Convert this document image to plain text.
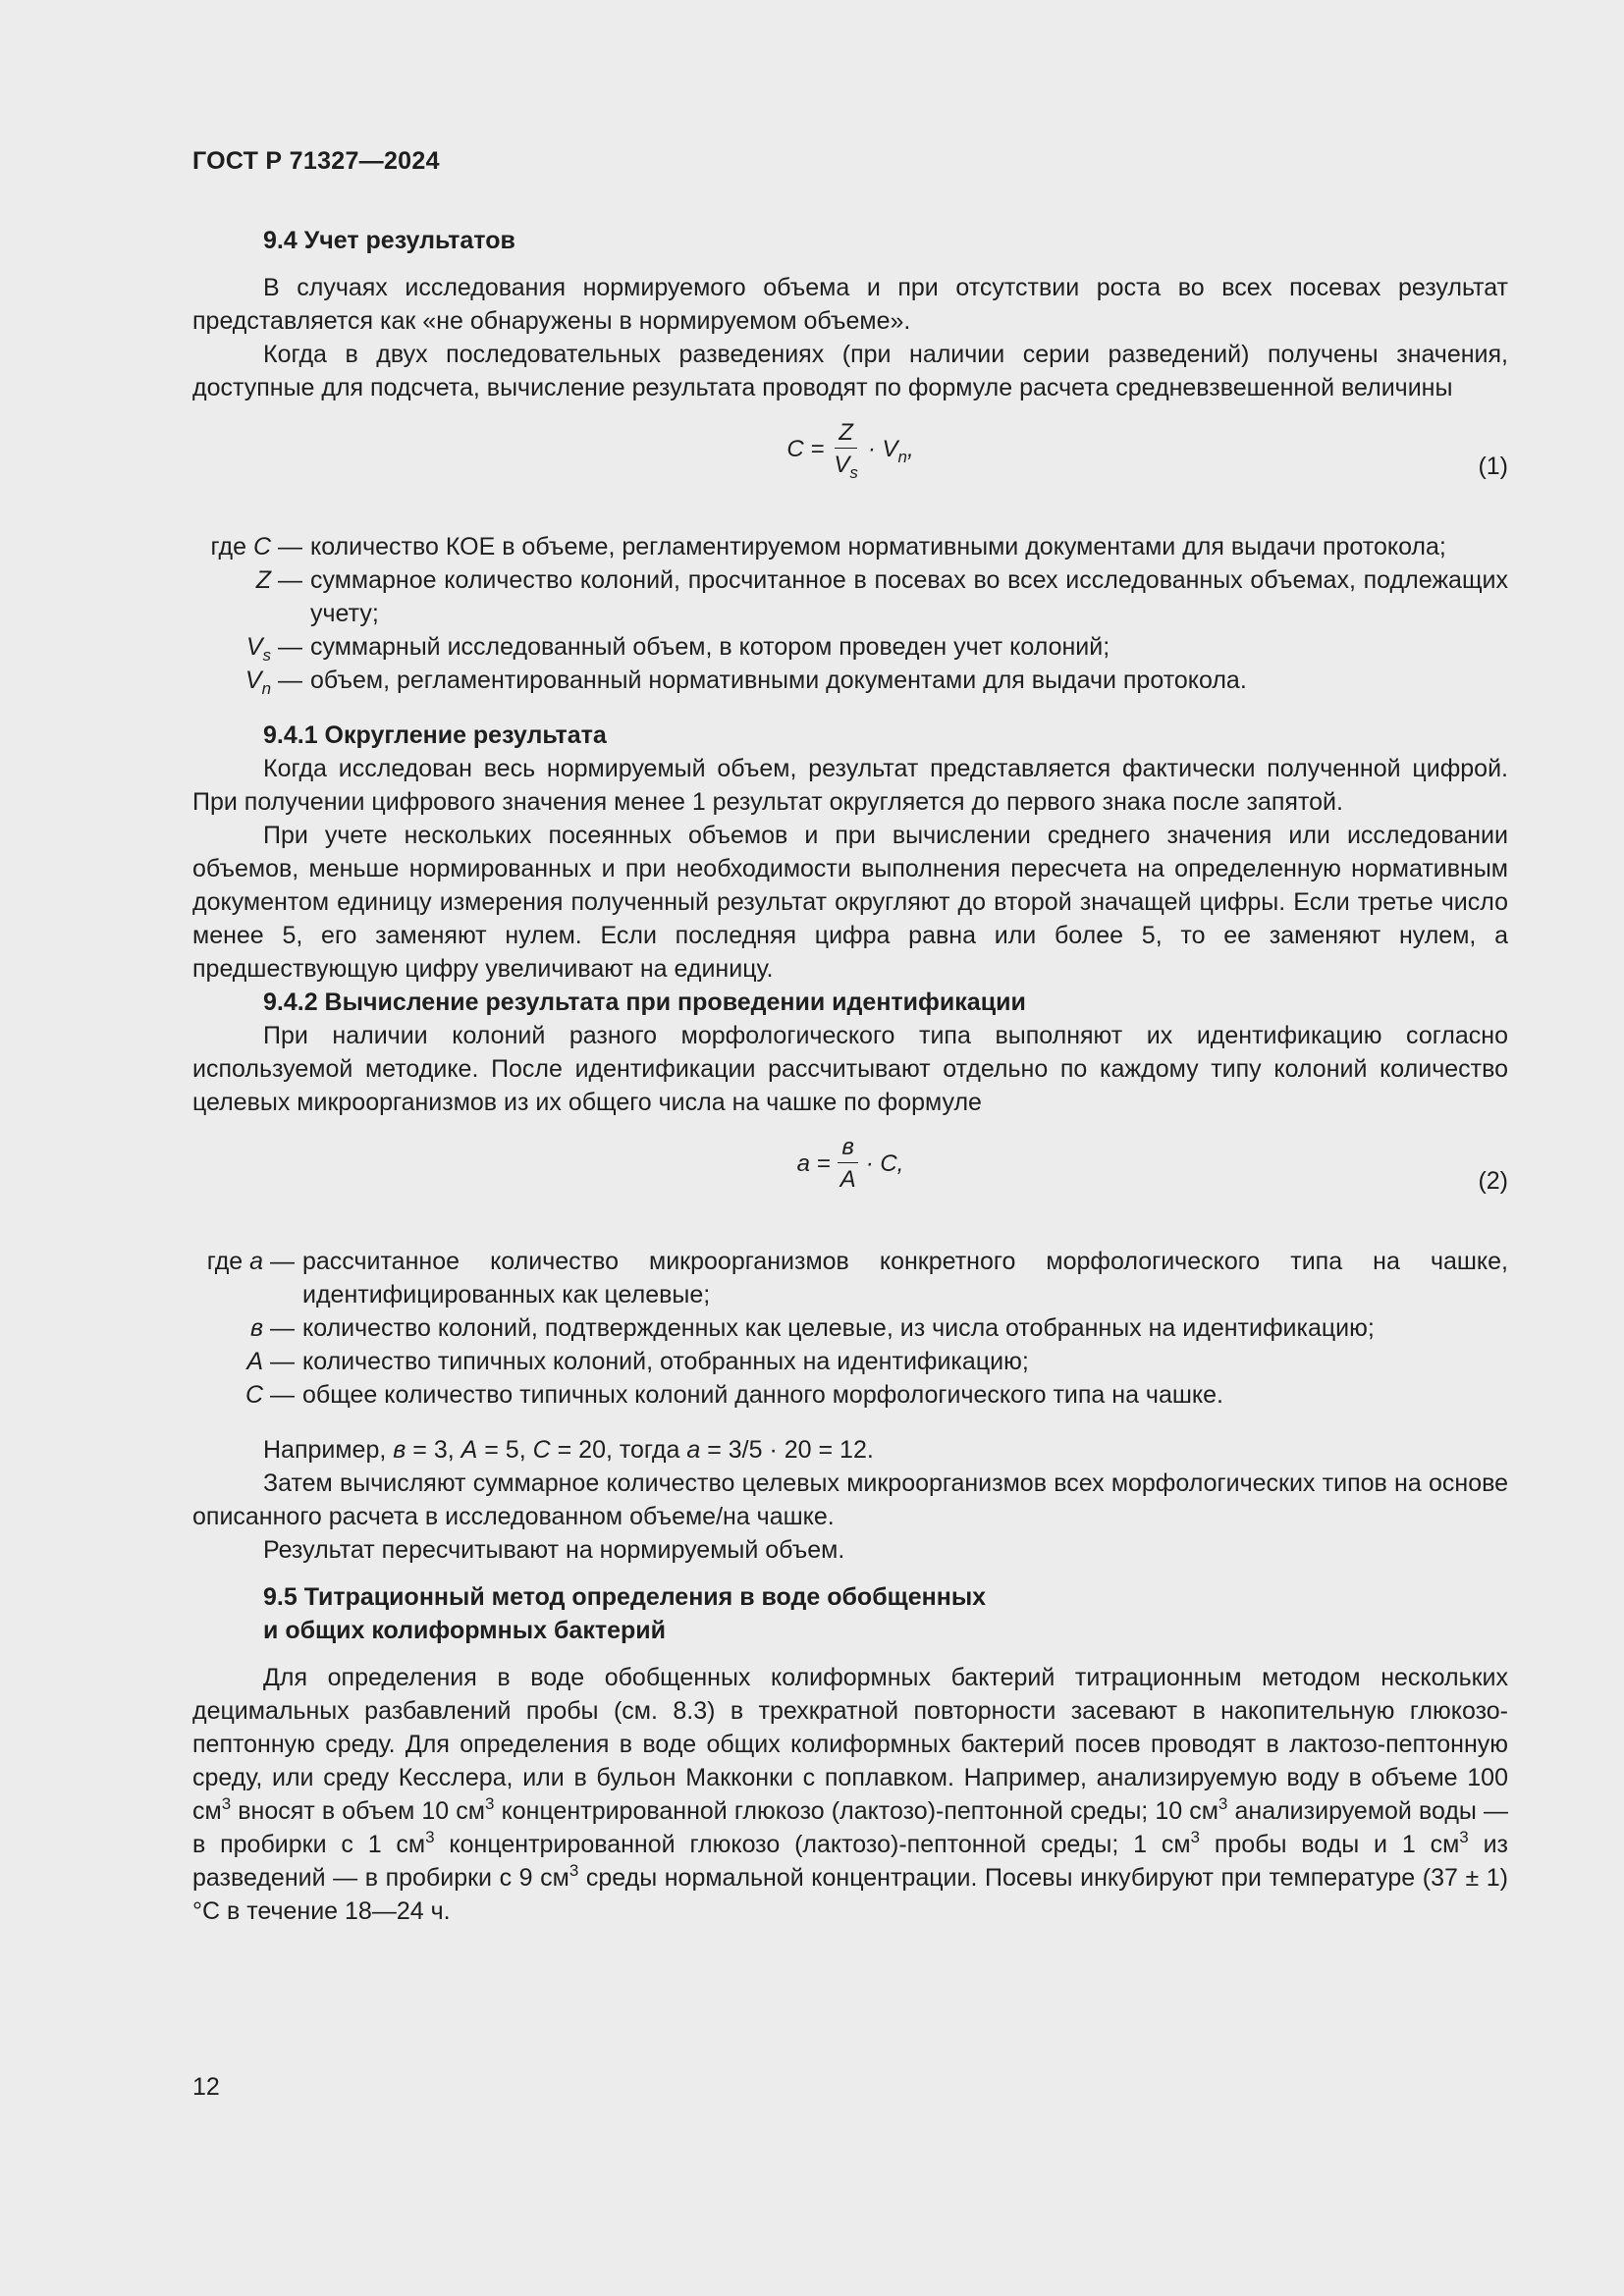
ГОСТ Р 71327—2024
9.4 Учет результатов

В случаях исследования нормируемого объема и при отсутствии роста во всех посевах результат представляется как «не обнаружены в нормируемом объеме».

Когда в двух последовательных разведениях (при наличии серии разведений) получены значения, доступные для подсчета, вычисление результата проводят по формуле расчета средневзвешенной величины

$C = \frac{Z}{V_s} \cdot V_n$,
(1)
где C — количество КОЕ в объеме, регламентируемом нормативными документами для выдачи протокола;
Z — суммарное количество колоний, просчитанное в посевах во всех исследованных объемах, подлежащих учету;
$V_s$ — суммарный исследованный объем, в котором проведен учет колоний;
$V_n$ — объем, регламентированный нормативными документами для выдачи протокола.
9.4.1 Округление результата

Когда исследован весь нормируемый объем, результат представляется фактически полученной цифрой. При получении цифрового значения менее 1 результат округляется до первого знака после запятой.

При учете нескольких посеянных объемов и при вычислении среднего значения или исследовании объемов, меньше нормированных и при необходимости выполнения пересчета на определенную нормативным документом единицу измерения полученный результат округляют до второй значащей цифры. Если третье число менее 5, его заменяют нулем. Если последняя цифра равна или более 5, то ее заменяют нулем, а предшествующую цифру увеличивают на единицу.

9.4.2 Вычисление результата при проведении идентификации

При наличии колоний разного морфологического типа выполняют их идентификацию согласно используемой методике. После идентификации рассчитывают отдельно по каждому типу колоний количество целевых микроорганизмов из их общего числа на чашке по формуле

$a = \frac{в}{A} \cdot C$,
(2)
где a — рассчитанное количество микроорганизмов конкретного морфологического типа на чашке, идентифицированных как целевые;
в — количество колоний, подтвержденных как целевые, из числа отобранных на идентификацию;
A — количество типичных колоний, отобранных на идентификацию;
C — общее количество типичных колоний данного морфологического типа на чашке.

Например, в = 3, A = 5, C = 20, тогда a = 3/5 · 20 = 12.

Затем вычисляют суммарное количество целевых микроорганизмов всех морфологических типов на основе описанного расчета в исследованном объеме/на чашке.

Результат пересчитывают на нормируемый объем.

9.5 Титрационный метод определения в воде обобщенных
и общих колиформных бактерий

Для определения в воде обобщенных колиформных бактерий титрационным методом нескольких децимальных разбавлений пробы (см. 8.3) в трехкратной повторности засевают в накопительную глюкозо-пептонную среду. Для определения в воде общих колиформных бактерий посев проводят в лактозо-пептонную среду, или среду Кесслера, или в бульон Макконки с поплавком. Например, анализируемую воду в объеме 100 $см^3$ вносят в объем 10 $см^3$ концентрированной глюкозо (лактозо)-пептонной среды; 10 $см^3$ анализируемой воды — в пробирки с 1 $см^3$ концентрированной глюкозо (лактозо)-пептонной среды; 1 $см^3$ пробы воды и 1 $см^3$ из разведений — в пробирки с 9 $см^3$ среды нормальной концентрации. Посевы инкубируют при температуре (37 ± 1) °С в течение 18—24 ч.

12
